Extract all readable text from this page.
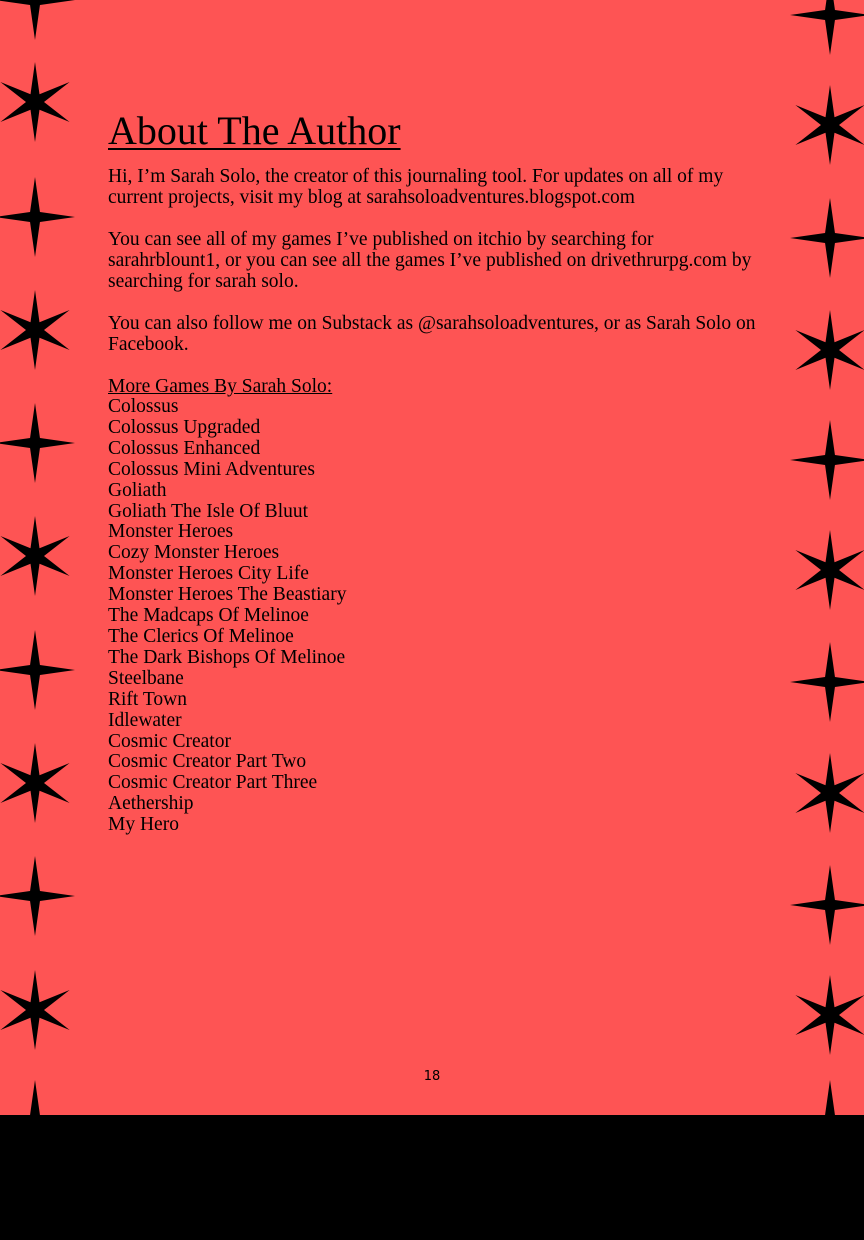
About The Author

Hi, I’m Sarah Solo, the creator of this journaling tool. For updates on all of my current projects, visit my blog at sarahsoloadventures.blogspot.com

You can see all of my games I’ve published on itchio by searching for sarahrblount1, or you can see all the games I’ve published on drivethrurpg.com by searching for sarah solo.

You can also follow me on Substack as @sarahsoloadventures, or as Sarah Solo on Facebook.

More Games By Sarah Solo:
Colossus
Colossus Upgraded
Colossus Enhanced
Colossus Mini Adventures
Goliath
Goliath The Isle Of Bluut
Monster Heroes
Cozy Monster Heroes
Monster Heroes City Life
Monster Heroes The Beastiary
The Madcaps Of Melinoe
The Clerics Of Melinoe
The Dark Bishops Of Melinoe
Steelbane
Rift Town
Idlewater
Cosmic Creator
Cosmic Creator Part Two
Cosmic Creator Part Three
Aethership
My Hero
18
